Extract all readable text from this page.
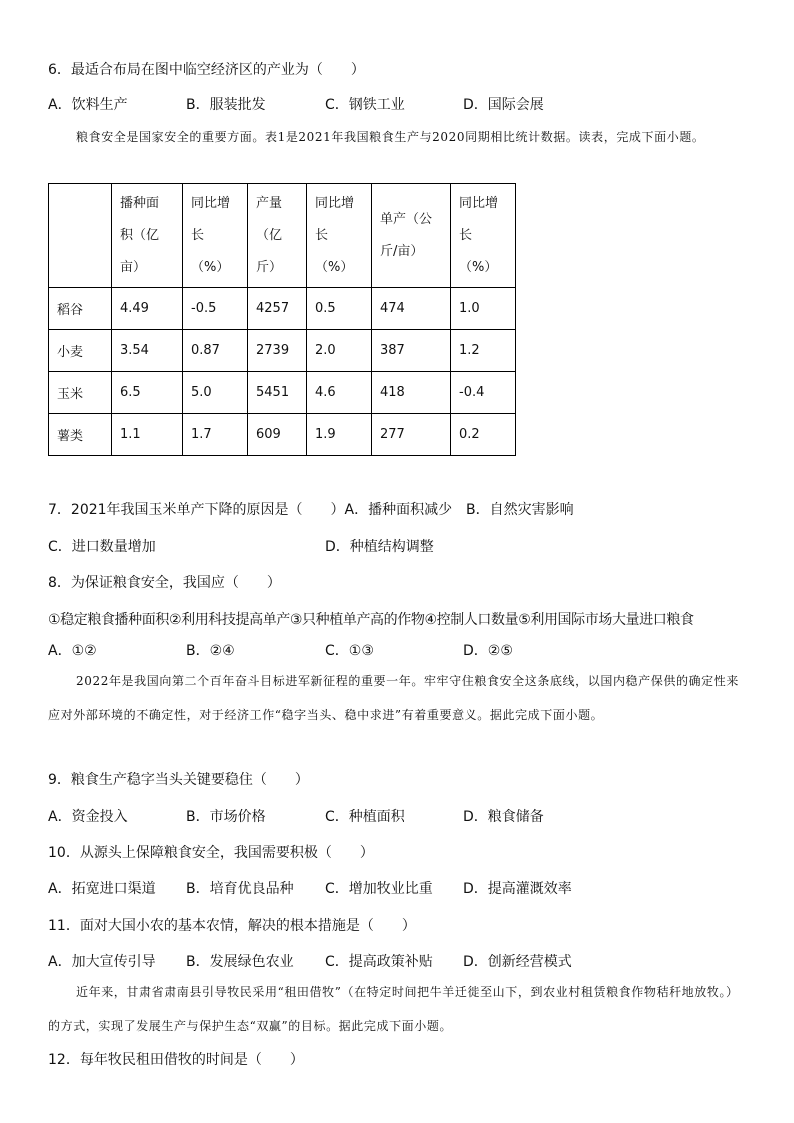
6．最适合布局在图中临空经济区的产业为（　　）
A．饮料生产	B．服装批发	C．钢铁工业	D．国际会展
粮食安全是国家安全的重要方面。表1是2021年我国粮食生产与2020同期相比统计数据。读表，完成下面小题。

	播种面
积（亿
亩）	同比增
长
（%）	产量
（亿
斤）	同比增
长
（%）	单产（公
斤/亩）	同比增
长
（%）

稻谷	4.49	-0.5	4257	0.5	474	1.0
小麦	3.54	0.87	2739	2.0	387	1.2
玉米	6.5	5.0	5451	4.6	418	-0.4
薯类	1.1	1.7	609	1.9	277	0.2
7．2021年我国玉米单产下降的原因是（　　）A．播种面积减少 B．自然灾害影响
C．进口数量增加	D．种植结构调整
8．为保证粮食安全，我国应（　　）
①稳定粮食播种面积②利用科技提高单产③只种植单产高的作物④控制人口数量⑤利用国际市场大量进口粮食
A．①②	B．②④	C．①③	D．②⑤
2022年是我国向第二个百年奋斗目标进军新征程的重要一年。牢牢守住粮食安全这条底线，以国内稳产保供的确定性来应对外部环境的不确定性，对于经济工作“稳字当头、稳中求进”有着重要意义。据此完成下面小题。
9．粮食生产稳字当头关键要稳住（　　）
A．资金投入	B．市场价格	C．种植面积	D．粮食储备
10．从源头上保障粮食安全，我国需要积极（　　）
A．拓宽进口渠道 B．培育优良品种 C．增加牧业比重 D．提高灌溉效率
11．面对大国小农的基本农情，解决的根本措施是（　　）
A．加大宣传引导 B．发展绿色农业 C．提高政策补贴 D．创新经营模式
近年来，甘肃省肃南县引导牧民采用“租田借牧”（在特定时间把牛羊迁徙至山下，到农业村租赁粮食作物秸秆地放牧。）的方式，实现了发展生产与保护生态“双赢”的目标。据此完成下面小题。
12．每年牧民租田借牧的时间是（　　）
